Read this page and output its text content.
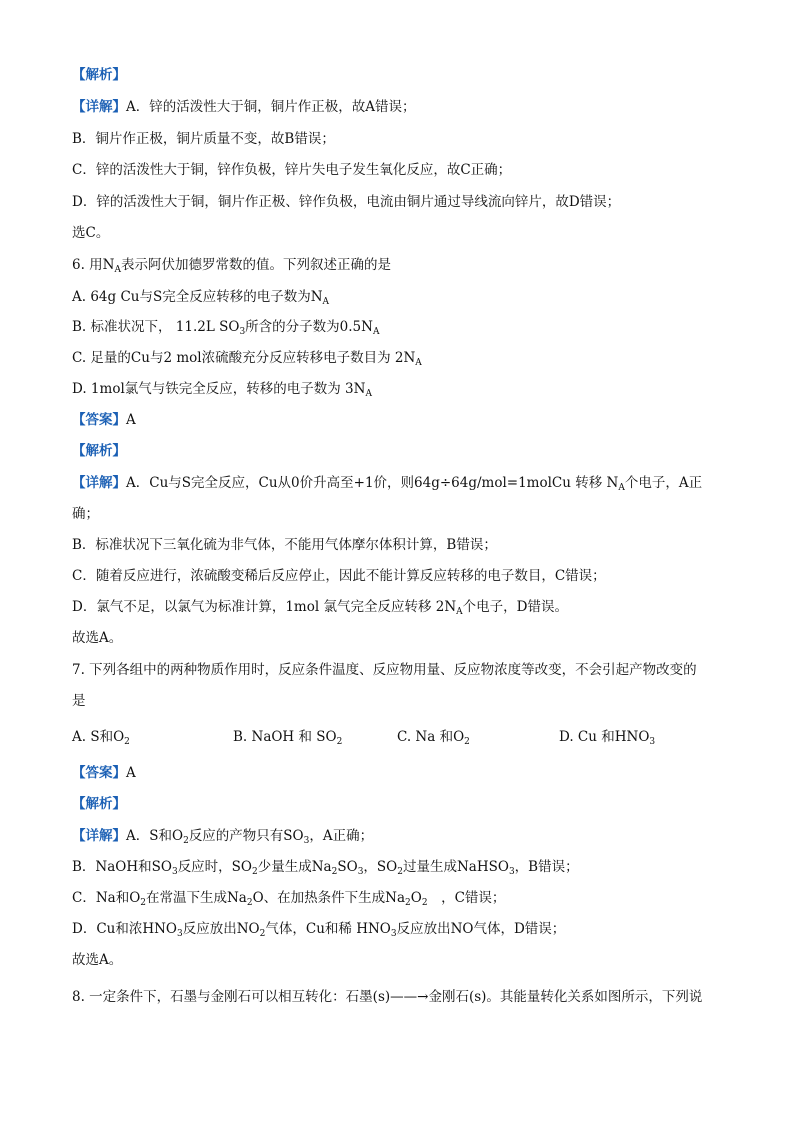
【解析】
【详解】A．锌的活泼性大于铜，铜片作正极，故A错误；
B．铜片作正极，铜片质量不变，故B错误；
C．锌的活泼性大于铜，锌作负极，锌片失电子发生氧化反应，故C正确；
D．锌的活泼性大于铜，铜片作正极、锌作负极，电流由铜片通过导线流向锌片，故D错误；
选C。
6. 用$N_A$表示阿伏加德罗常数的值。下列叙述正确的是
A. 64g Cu与S完全反应转移的电子数为$N_A$
B. 标准状况下， 11.2L $SO_3$所含的分子数为$0.5N_A$
C. 足量的Cu与2 mol浓硫酸充分反应转移电子数目为 $2N_A$
D. 1mol氯气与铁完全反应，转移的电子数为 $3N_A$
【答案】A
【解析】
【详解】A．Cu与S完全反应，Cu从0价升高至+1价，则64g÷64g/mol=1molCu 转移 $N_A$个电子，A正
确；
B．标准状况下三氧化硫为非气体，不能用气体摩尔体积计算，B错误；
C．随着反应进行，浓硫酸变稀后反应停止，因此不能计算反应转移的电子数目，C错误；
D．氯气不足，以氯气为标准计算，1mol 氯气完全反应转移 $2N_A$个电子，D错误。
故选A。
7. 下列各组中的两种物质作用时，反应条件温度、反应物用量、反应物浓度等改变，不会引起产物改变的
是
A. S和$O_2$	B. NaOH 和 $SO_2$	C. Na 和$O_2$	D. Cu 和$HNO_3$
【答案】A
【解析】
【详解】A．S和$O_2$反应的产物只有$SO_3$，A正确；
B．NaOH和$SO_3$反应时，$SO_2$少量生成$Na_2SO_3$，$SO_2$过量生成NaHSO$_3$，B错误；
C．Na和$O_2$在常温下生成$Na_2O$、在加热条件下生成$Na_2O_2$　，C错误；
D．Cu和浓$HNO_3$反应放出$NO_2$气体，Cu和稀 $HNO_3$反应放出NO气体，D错误；
故选A。
8. 一定条件下，石墨与金刚石可以相互转化：石墨(s)——→金刚石(s)。其能量转化关系如图所示，下列说
